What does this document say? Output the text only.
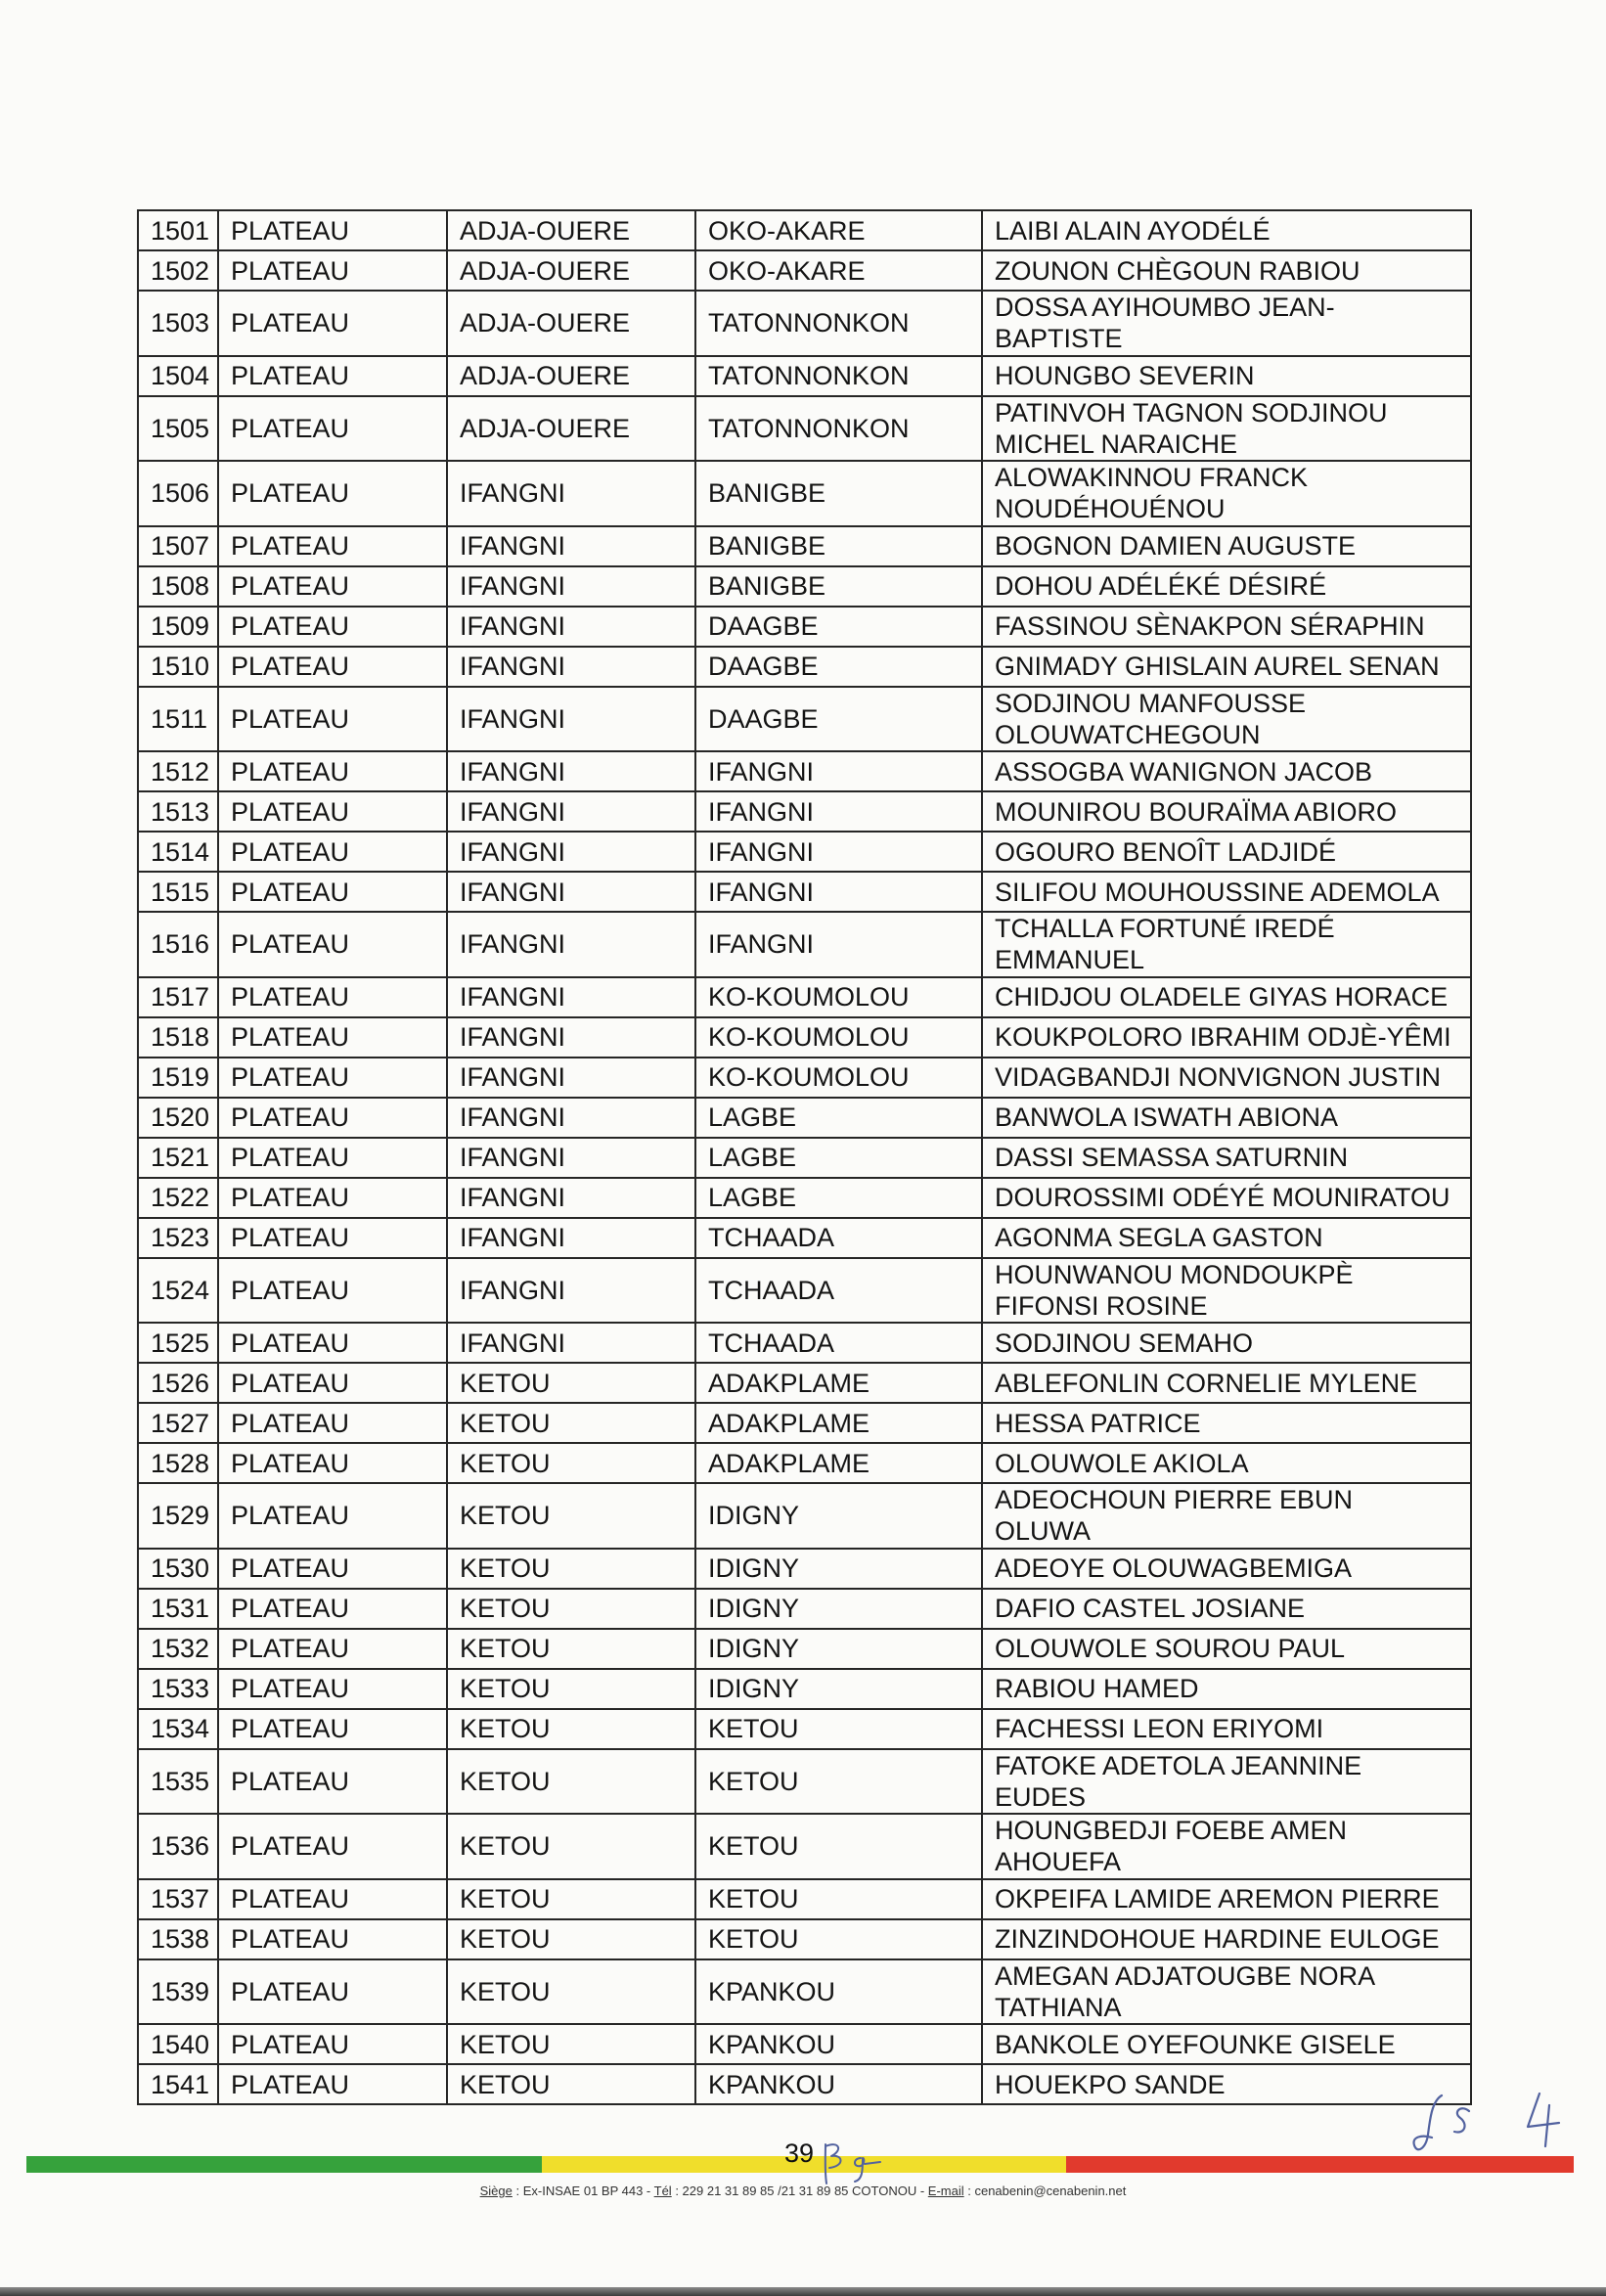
1501 PLATEAU	ADJA-OUERE	OKO-AKARE	LAIBI ALAIN AYODÉLÉ
1502 PLATEAU	ADJA-OUERE	OKO-AKARE	ZOUNON CHÈGOUN RABIOU
1503 PLATEAU	ADJA-OUERE	TATONNONKON
DOSSA AYIHOUMBO JEAN-
BAPTISTE
1504 PLATEAU	ADJA-OUERE	TATONNONKON	HOUNGBO SEVERIN
1505 PLATEAU	ADJA-OUERE	TATONNONKON
PATINVOH TAGNON SODJINOU
MICHEL NARAICHE
1506 PLATEAU	IFANGNI	BANIGBE
ALOWAKINNOU FRANCK
NOUDÉHOUÉNOU
1507 PLATEAU	IFANGNI	BANIGBE	BOGNON DAMIEN AUGUSTE
1508 PLATEAU	IFANGNI	BANIGBE	DOHOU ADÉLÉKÉ DÉSIRÉ
1509 PLATEAU	IFANGNI	DAAGBE	FASSINOU SÈNAKPON SÉRAPHIN
1510 PLATEAU	IFANGNI	DAAGBE	GNIMADY GHISLAIN AUREL SENAN
1511 PLATEAU	IFANGNI	DAAGBE
SODJINOU MANFOUSSE
OLOUWATCHEGOUN
1512 PLATEAU	IFANGNI	IFANGNI	ASSOGBA WANIGNON JACOB
1513 PLATEAU	IFANGNI	IFANGNI	MOUNIROU BOURAÏMA ABIORO
1514 PLATEAU	IFANGNI	IFANGNI	OGOURO BENOÎT LADJIDÉ
1515 PLATEAU	IFANGNI	IFANGNI	SILIFOU MOUHOUSSINE ADEMOLA
1516 PLATEAU	IFANGNI	IFANGNI
TCHALLA FORTUNÉ IREDÉ
EMMANUEL
1517 PLATEAU	IFANGNI	KO-KOUMOLOU	CHIDJOU OLADELE GIYAS HORACE
1518 PLATEAU	IFANGNI	KO-KOUMOLOU	KOUKPOLORO IBRAHIM ODJÈ-YÊMI
1519 PLATEAU	IFANGNI	KO-KOUMOLOU	VIDAGBANDJI NONVIGNON JUSTIN
1520 PLATEAU	IFANGNI	LAGBE	BANWOLA ISWATH ABIONA
1521 PLATEAU	IFANGNI	LAGBE	DASSI SEMASSA SATURNIN
1522 PLATEAU	IFANGNI	LAGBE	DOUROSSIMI ODÉYÉ MOUNIRATOU
1523 PLATEAU	IFANGNI	TCHAADA	AGONMA SEGLA GASTON
1524 PLATEAU	IFANGNI	TCHAADA
HOUNWANOU MONDOUKPÈ
FIFONSI ROSINE
1525 PLATEAU	IFANGNI	TCHAADA	SODJINOU SEMAHO
1526 PLATEAU	KETOU	ADAKPLAME	ABLEFONLIN CORNELIE MYLENE
1527 PLATEAU	KETOU	ADAKPLAME	HESSA PATRICE
1528 PLATEAU	KETOU	ADAKPLAME	OLOUWOLE AKIOLA
1529 PLATEAU	KETOU	IDIGNY
ADEOCHOUN PIERRE EBUN
OLUWA
1530 PLATEAU	KETOU	IDIGNY	ADEOYE OLOUWAGBEMIGA
1531 PLATEAU	KETOU	IDIGNY	DAFIO CASTEL JOSIANE
1532 PLATEAU	KETOU	IDIGNY	OLOUWOLE SOUROU PAUL
1533 PLATEAU	KETOU	IDIGNY	RABIOU HAMED
1534 PLATEAU	KETOU	KETOU	FACHESSI LEON ERIYOMI
1535 PLATEAU	KETOU	KETOU
FATOKE ADETOLA JEANNINE
EUDES
1536 PLATEAU	KETOU	KETOU
HOUNGBEDJI FOEBE AMEN
AHOUEFA
1537 PLATEAU	KETOU	KETOU	OKPEIFA LAMIDE AREMON PIERRE
1538 PLATEAU	KETOU	KETOU	ZINZINDOHOUE HARDINE EULOGE
1539 PLATEAU	KETOU	KPANKOU
AMEGAN ADJATOUGBE NORA
TATHIANA
1540 PLATEAU	KETOU	KPANKOU	BANKOLE OYEFOUNKE GISELE
1541 PLATEAU	KETOU	KPANKOU	HOUEKPO SANDE
39
Siège : Ex-INSAE 01 BP 443 - Tél : 229 21 31 89 85 /21 31 89 85 COTONOU - E-mail : cenabenin@cenabenin.net
